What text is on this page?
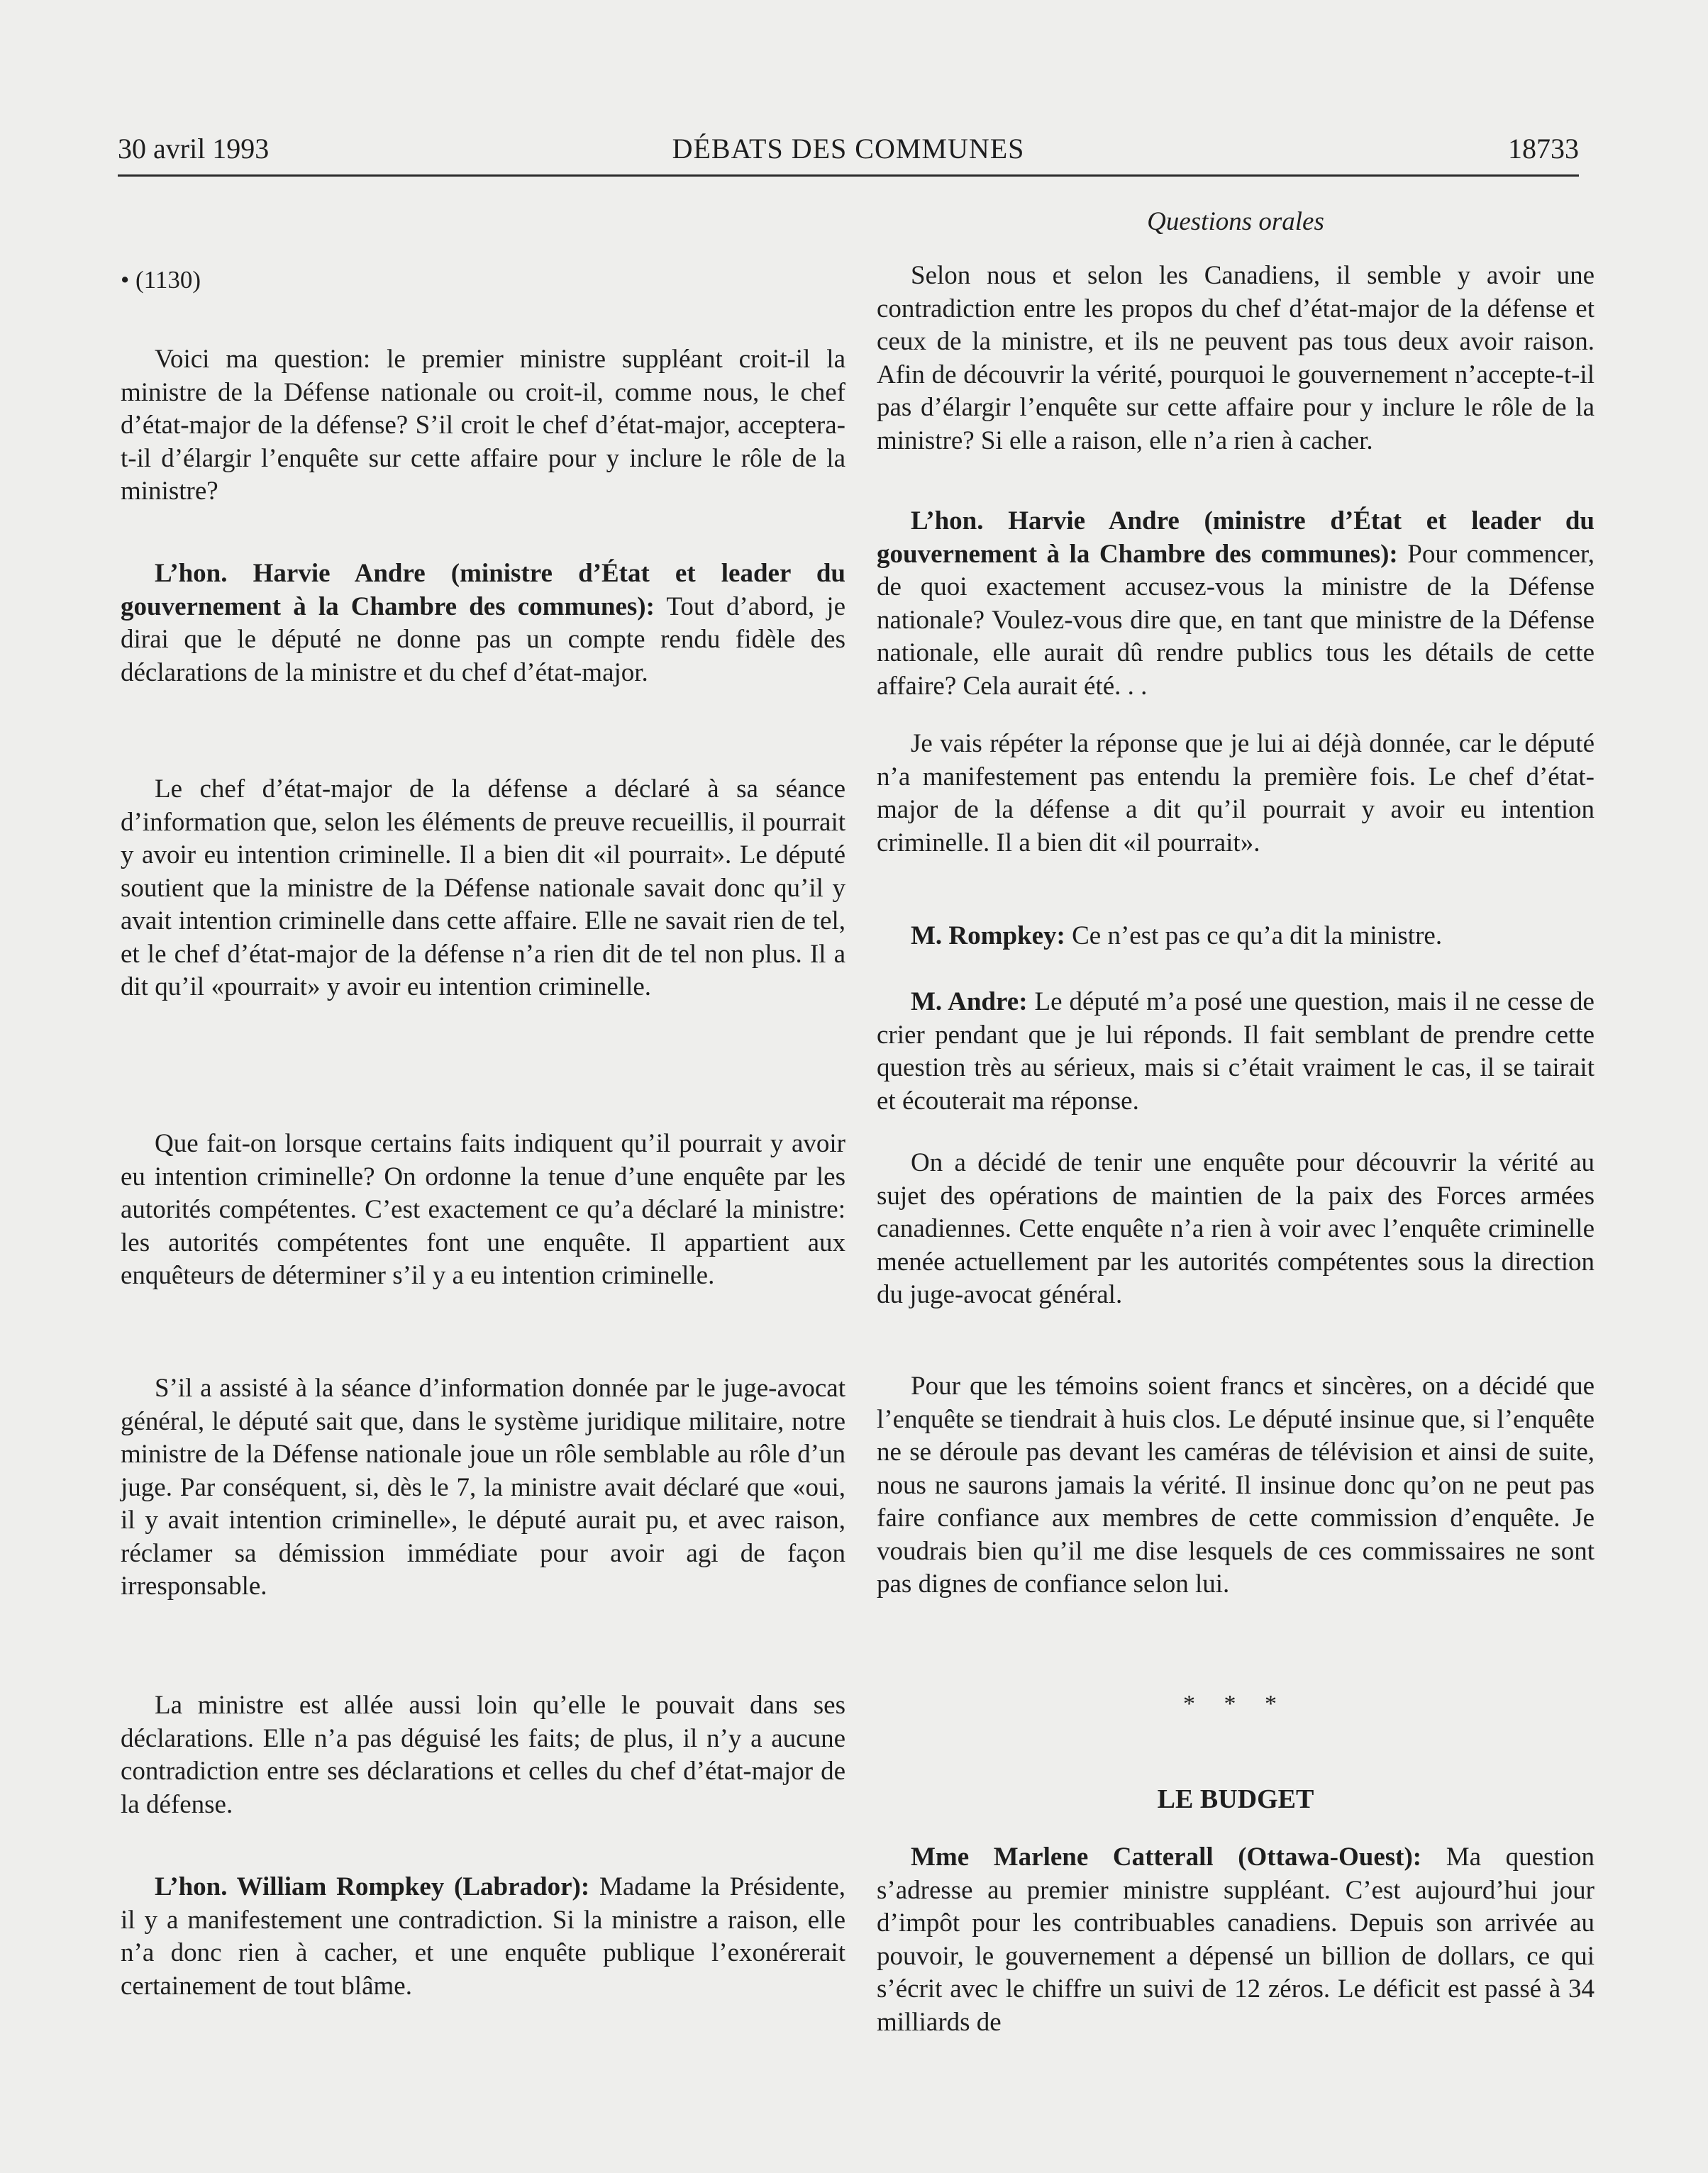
30 avril 1993	DÉBATS DES COMMUNES	18733

• (1130)

Voici ma question: le premier ministre suppléant croit-il la ministre de la Défense nationale ou croit-il, comme nous, le chef d’état-major de la défense? S’il croit le chef d’état-major, acceptera-t-il d’élargir l’enquête sur cette affaire pour y inclure le rôle de la ministre?

L’hon. Harvie Andre (ministre d’État et leader du gouvernement à la Chambre des communes): Tout d’abord, je dirai que le député ne donne pas un compte rendu fidèle des déclarations de la ministre et du chef d’état-major.

Le chef d’état-major de la défense a déclaré à sa séance d’information que, selon les éléments de preuve recueillis, il pourrait y avoir eu intention criminelle. Il a bien dit «il pourrait». Le député soutient que la ministre de la Défense nationale savait donc qu’il y avait intention criminelle dans cette affaire. Elle ne savait rien de tel, et le chef d’état-major de la défense n’a rien dit de tel non plus. Il a dit qu’il «pourrait» y avoir eu intention criminelle.

Que fait-on lorsque certains faits indiquent qu’il pourrait y avoir eu intention criminelle? On ordonne la tenue d’une enquête par les autorités compétentes. C’est exactement ce qu’a déclaré la ministre: les autorités compétentes font une enquête. Il appartient aux enquêteurs de déterminer s’il y a eu intention criminelle.

S’il a assisté à la séance d’information donnée par le juge-avocat général, le député sait que, dans le système juridique militaire, notre ministre de la Défense nationale joue un rôle semblable au rôle d’un juge. Par conséquent, si, dès le 7, la ministre avait déclaré que «oui, il y avait intention criminelle», le député aurait pu, et avec raison, réclamer sa démission immédiate pour avoir agi de façon irresponsable.

La ministre est allée aussi loin qu’elle le pouvait dans ses déclarations. Elle n’a pas déguisé les faits; de plus, il n’y a aucune contradiction entre ses déclarations et celles du chef d’état-major de la défense.

L’hon. William Rompkey (Labrador): Madame la Présidente, il y a manifestement une contradiction. Si la ministre a raison, elle n’a donc rien à cacher, et une enquête publique l’exonérerait certainement de tout blâme.

Questions orales

Selon nous et selon les Canadiens, il semble y avoir une contradiction entre les propos du chef d’état-major de la défense et ceux de la ministre, et ils ne peuvent pas tous deux avoir raison. Afin de découvrir la vérité, pourquoi le gouvernement n’accepte-t-il pas d’élargir l’enquête sur cette affaire pour y inclure le rôle de la ministre? Si elle a raison, elle n’a rien à cacher.

L’hon. Harvie Andre (ministre d’État et leader du gouvernement à la Chambre des communes): Pour commencer, de quoi exactement accusez-vous la ministre de la Défense nationale? Voulez-vous dire que, en tant que ministre de la Défense nationale, elle aurait dû rendre publics tous les détails de cette affaire? Cela aurait été. . .

Je vais répéter la réponse que je lui ai déjà donnée, car le député n’a manifestement pas entendu la première fois. Le chef d’état-major de la défense a dit qu’il pourrait y avoir eu intention criminelle. Il a bien dit «il pourrait».

M. Rompkey: Ce n’est pas ce qu’a dit la ministre.

M. Andre: Le député m’a posé une question, mais il ne cesse de crier pendant que je lui réponds. Il fait semblant de prendre cette question très au sérieux, mais si c’était vraiment le cas, il se tairait et écouterait ma réponse.

On a décidé de tenir une enquête pour découvrir la vérité au sujet des opérations de maintien de la paix des Forces armées canadiennes. Cette enquête n’a rien à voir avec l’enquête criminelle menée actuellement par les autorités compétentes sous la direction du juge-avocat général.

Pour que les témoins soient francs et sincères, on a décidé que l’enquête se tiendrait à huis clos. Le député insinue que, si l’enquête ne se déroule pas devant les caméras de télévision et ainsi de suite, nous ne saurons jamais la vérité. Il insinue donc qu’on ne peut pas faire confiance aux membres de cette commission d’enquête. Je voudrais bien qu’il me dise lesquels de ces commissaires ne sont pas dignes de confiance selon lui.

* * *
LE BUDGET

Mme Marlene Catterall (Ottawa-Ouest): Ma question s’adresse au premier ministre suppléant. C’est aujourd’hui jour d’impôt pour les contribuables canadiens. Depuis son arrivée au pouvoir, le gouvernement a dépensé un billion de dollars, ce qui s’écrit avec le chiffre un suivi de 12 zéros. Le déficit est passé à 34 milliards de
